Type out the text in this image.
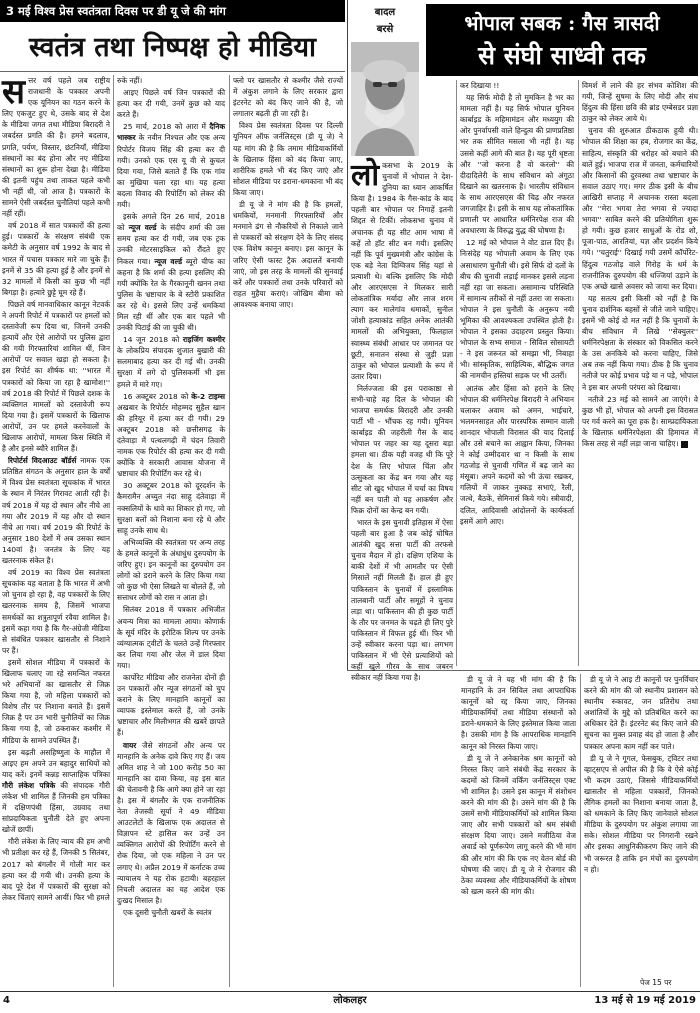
3 मई विश्व प्रेस स्वतंत्रता दिवस पर डी यू जे की मांग
स्वतंत्र तथा निष्पक्ष हो मीडिया

सत्तर वर्ष पहले जब राष्ट्रीय राजधानी के पत्रकार अपनी एक यूनियन का गठन करने के लिए एकजुट हुए थे, उसके बाद से देश के मीडिया जगत तथा मीडिया बिरादरी ने जबर्दस्त प्रगति की है। हमने बदलाव, प्रगति, पर्यण, विस्तार, छंटनियाँ, मीडिया संस्थानों का बंद होना और नए मीडिया संस्थानों का शुरू होना देखा है। मीडिया की इतनी पहुंच तथा ताकत पहले कभी भी नहीं थी, जो आज है। पत्रकारों के सामने ऐसी जबर्दस्त चुनौतियां पहले कभी नहीं रहीं।

वर्ष 2018 में सात पत्रकारों की हत्या हुई। पत्रकारों के संरक्षण संबंधी एक कमेटी के अनुसार वर्ष 1992 के बाद से भारत में पचास पत्रकार मारे जा चुके हैं। इनमें से 35 की हत्या हुई है और इनमें से 32 मामलों में किसी का कुछ भी नहीं बिगड़ा है। हत्यारे छुट्टे घूम रहे हैं।

पिछले वर्ष मानवाधिकार कानून नेटवर्क ने अपनी रिपोर्ट में पत्रकारों पर हमलों को दस्तावेजी रूप दिया था, जिनमें उनकी हत्यायें और ऐसे आरोपों पर पुलिस द्वारा की गयी गिरफ्तारियां शामिल थीं, जिन आरोपों पर सवाल खड़ा हो सकता है। इस रिपोर्ट का शीर्षक था: ''भारत में पत्रकारों को किया जा रहा है खामोश!'' वर्ष 2018 की रिपोर्ट में पिछले दशक के व्यक्तिगत मामलों को दस्तावेजी रूप दिया गया है। इसमें पत्रकारों के खिलाफ आरोपों, उन पर हमले करनेवालों के खिलाफ आरोपों, मामला किस स्थिति में है और इनसे ब्यौरे शामिल हैं।

रिपोर्टर्स विदआउट बॉर्डर्स नामक एक प्रतिष्ठित संगठन के अनुसार हाल के वर्षों में विश्व प्रेस स्वतंत्रता सूचकांक में भारत के स्थान में निरंतर गिरावट आती रही है। वर्ष 2018 में यह दो स्थान और नीचे आ गया और 2019 में यह और दो स्थान नीचे आ गया। वर्ष 2019 की रिपोर्ट के अनुसार 180 देशों में अब उसका स्थान 140वां है। जनतंत्र के लिए यह खतरनाक संकेत है।

वर्ष 2019 का विश्व प्रेस स्वतंत्रता सूचकांक यह बताता है कि भारत में अभी जो चुनाव हो रहा है, वह पत्रकारों के लिए खतरनाक समय है, जिसमें भाजपा समर्थकों का शत्रुतापूर्ण रवैया शामिल है। इसमें कहा गया है कि गैर-अंग्रेजी मीडिया से संबंधित पत्रकार खासतौर से निशाने पर हैं।

इसमें सोशल मीडिया में पत्रकारों के खिलाफ चलाए जा रहे समन्वित नफरत भरे अभियानों का खासतौर से जिक्र किया गया है, जो महिला पत्रकारों को विशेष तौर पर निशाना बनाते हैं। इसमें जिक्र है पर उन भारी चुनौतियों का जिक्र किया गया है, जो ठकराकर कश्मीर में मीडिया के सामने उपस्थित हैं।

इस बढ़ती असहिष्णुता के माहौल में आइए हम अपने उन बहादुर साथियों को याद करें। इनमें कन्नड़ साप्ताहिक पत्रिका गौरी लंकेश पत्रिके की संपादक गौरी लंकेश भी शामिल हैं जिनकी हम पत्रिका में दक्षिणपंथी हिंसा, उग्रवाद तथा सांप्रदायिकता चुनौती देते हुए अपना खोजें छापीं।

गौरी लंकेश के लिए न्याय की हम अभी भी प्रतीक्षा कर रहे हैं, जिनकी 5 सितंबर, 2017 को बंगलौर में गोली मार कर हत्या कर दी गयी थी। उनकी हत्या के बाद पूरे देश में पत्रकारों की सुरक्षा को लेकर चिंताएं सामने आयीं। फिर भी हमले

रुके नहीं।

आइए पिछले वर्ष जिन पत्रकारों की हत्या कर दी गयी, उनमें कुछ को याद करते हैं।

25 मार्च, 2018 को आरा में दैनिक भास्कर के नवीन निश्चल और एक अन्य रिपोर्टर विजय सिंह की हत्या कर दी गयी। उनको एक एस यू वी से कुचल दिया गया, जिसे बताते हैं कि एक गांव का मुखिया चला रहा था। यह हत्या बदला विवाद की रिपोर्टिंग को लेकर की गयी।

इसके अगले दिन 26 मार्च, 2018 को न्यूज वर्ल्ड के संदीप शर्मा की उस समय हत्या कर दी गयी, जब एक ट्रक उनकी मोटरसाइकिल को रौंदते हुए निकल गया। न्यूज वर्ल्ड ब्यूरो चीफ का कहना है कि शर्मा की हत्या इसलिए की गयी क्योंकि रेत के गैरकानूनी खनन तथा पुलिस के भ्रष्टाचार के बे स्टोरी प्रकाशित कर रहे थे। इससे लिए उन्हें धमकियां मिल रही थीं और एक बार पहले भी उनकी पिटाई की जा चुकी थी।

14 जून 2018 को राइजिंग कश्मीर के लोकप्रिय संपादक शुजात बुखारी की सलमाबाद हत्या कर दी गई थी। उनकी सुरक्षा में लगे दो पुलिसकर्मी भी इस हमले में मारे गए।

16 अक्टूबर 2018 को के-2 टाइम्स अखबार के रिपोर्टर मोहम्मद सुहैल खान की हरियूर में हत्या कर दी गयी। 29 अक्टूबर 2018 को छत्तीसगढ़ के दंतेवाड़ा में पत्थलगढ़ी में चंदन तिवारी नामक एक रिपोर्टर की हत्या कर दी गयी क्योंकि वे सरकारी आवास योजना में भ्रष्टाचार की रिपोर्टिंग कर रहे थे।

30 अक्टूबर 2018 को दूरदर्शन के कैमरामैन अच्युत नंदा साहू दंतेवाड़ा में नक्सलियों के धावे का शिकार हो गए, जो सुरक्षा बलों को निशाना बना रहे थे और साहू उनके साथ थे।

अभिव्यक्ति की स्वतंत्रता पर अन्य तरह के हमले कानूनों के अंधाधुंध दुरुपयोग के जरिए हुए। इन कानूनों का दुरुपयोग उन लोगों को डराने करने के लिए किया गया जो कुछ भी ऐसा लिखते या बोलते हैं, जो सत्ताधर लोगों को रास न आता हो।

सितंबर 2018 में पत्रकार अभिजीत अयन्य मित्रा का मामला आया। कोणार्क के सूर्य मंदिर के इरोटिक शिल्प पर उनके व्यंग्यात्मक ट्वीटों के चलते उन्हें गिरफ्तार कर लिया गया और जेल में डाल दिया गया।

कार्पोरेट मीडिया और राजनेता दोनों ही उन पत्रकारों और न्यूज संगठनों को चुप कराने के लिए मानहानि कानूनों का व्यापक इस्तेमाल करते हैं, जो उनके भ्रष्टाचार और मिलीभगत की खबरें छापते हैं।

वायर जैसे संगठनों और अन्य पर मानहानि के अनेक दावे किए गए हैं। जय अमित शाह ने जो 100 करोड़ 50 का मानहानि का दावा किया, वह इस बात की चेतावनी है कि आगे क्या होने जा रहा है। इस में बंगलौर के एक राजनीतिक नेता तेजस्वी सूर्या ने 49 मीडिया आउटलेटों के खिलाफ एक अदालत से विज्ञापन स्टे हासिल कर उन्हें उन व्यक्तिगत आरोपों की रिपोर्टिंग करने से रोक दिया, जो एक महिला ने उन पर लगाए थे। अप्रैल 2019 में कर्नाटक उच्च न्यायालय ने यह रोक हटायी। बहरहाल निचली अदालत का यह आदेश एक दुःखद मिसाल है।

एक दूसरी चुनौती खबरों के स्वतंत्र

फ्लो पर खासतौर से कश्मीर जैसे राज्यों में अंकुश लगाने के लिए सरकार द्वारा इंटरनेट को बंद किए जाने की है, जो लगातार बढ़ती ही जा रही है।

विश्व प्रेस स्वतंत्रता दिवस पर दिल्ली यूनियन ऑफ जर्नलिस्ट्स (डी यू जे) ने यह मांग की है कि तमाम मीडियाकर्मियों के खिलाफ हिंसा को बंद किया जाए, शारीरिक हमले भी बंद किए जाएं और सोशल मीडिया पर डराना-धमकाना भी बंद किया जाए।

डी यू जे ने मांग की है कि हमलों, धमकियों, मनमानी गिरफ्तारियों और मनमाने ढंग से नौकरियों से निकाले जाने से पत्रकारों को संरक्षण देने के लिए संसद एक विशेष कानून बनाए। इस कानून के जरिए ऐसी फास्ट ट्रैक अदालतें बनायी जाएं, जो इस तरह के मामलों की सुनवाई करें और पत्रकारों तथा उनके परिवारों को राहत मुहैया कराएं। जोखिम बीमा को आवश्यक बनाया जाए।

डी यू जे ने यह भी मांग की है कि मानहानि के उन सिविल तथा आपराधिक कानूनों को रद्द किया जाए, जिनका मीडियाकर्मियों तथा मीडिया संस्थानों को डराने-धमकाने के लिए इस्तेमाल किया जाता है। उसकी मांग है कि आपराधिक मानहानि कानून को निरस्त किया जाए।

डी यू जे ने अनेकानेक श्रम कानूनों को निरस्त किए जाने संबंधी केंद्र सरकार के कदमों को जिनमें वर्किंग जर्नलिस्ट्स एक्ट भी शामिल है। उसने इस कानून में संशोधन करने की मांग की है। उसने मांग की है कि उसमें सभी मीडियाकर्मियों को शामिल किया जाए और सभी पत्रकारों को श्रम संबंधी संरक्षण दिया जाए। उसने मजीठिया वेज अवार्ड को पूर्णरूपेण लागू करने की भी मांग की और मांग की कि एक नए वेतन बोर्ड की घोषणा की जाए। डी यू जे ने रोजगार की ठेका व्यवस्था और मीडियाकर्मियों के शोषण को खत्म करने की मांग की।

डी यू जे ने आइ टी कानूनों पर पुनर्विचार करने की मांग की जो स्थानीय प्रशासन को स्थानीय रुकावट, जन प्रतिरोध तथा अशांतियों के मुद्दे को प्रतिबंधित करने का अधिकार देते हैं। इंटरनेट बंद किए जाने की सूचना का मुक्त प्रवाह बंद हो जाता है और पत्रकार अपना काम नहीं कर पाते।

डी यू जे ने गूगल, फेसबुक, ट्विटर तथा व्हाट्सएप से अपील की है कि वे ऐसे कोई भी कदम उठाएं, जिससे मीडियाकर्मियों खासतौर से महिला पत्रकारों, जिनको लैंगिक हमलों का निशाना बनाया जाता है, को धमकाने के लिए किए जानेवाले सोशल मीडिया के दुरुपयोग पर अंकुश लगाया जा सके। सोशल मीडिया पर निगरानी रखने और इसका आधुनिकीकरण किए जाने की भी जरूरत है ताकि इन मंचों का दुरुपयोग न हो।

पेज 15 पर
बादल
बरसे	भोपाल सबक : गैस त्रासदी
से संघी साध्वी तक

लोकसभा के 2019 के चुनावों में भोपाल ने देश-दुनिया का ध्यान आकर्षित किया है। 1984 के गैस-कांड के बाद पहली बार भोपाल पर निगाहें इतनी शिद्दत से टिकीं। लोकसभा चुनाव में अचानक ही यह सीट आम भाषा में कहें तो हॉट सीट बन गयी। इसलिए नहीं कि पूर्व मुख्यमंत्री और कांग्रेस के एक बड़े नेता दिग्विजय सिंह यहां से प्रत्याशी थे। बल्कि इसलिए कि मोदी और आरएसएस ने मिलकर सारी लोकतांत्रिक मर्यादा और लाज शरम त्याग कर मालेगांव धमाकों, सुनील जोशी हत्याकांड सहित अनेक आतंकी मामलों की अभियुक्ता, फिलहाल स्वास्थ्य संबंधी आधार पर जमानत पर छूटी, सनातन संस्था से जुड़ी प्रज्ञा ठाकुर को भोपाल प्रत्याशी के रूप में उतार दिया।

निर्लज्जता की इस पराकाष्ठा से सभी-चाहे वह दिल के भोपाल की भाजपा समर्थक बिरादरी और उनकी पार्टी भी - भौंचक रह गयी। यूनियन कार्बाइड की जहरीली गैस के बाद भोपाल पर जहर का यह दूसरा बड़ा हमला था। ठीक यही वजह थी कि पूरे देश के लिए भोपाल चिंता और उत्सुकता का केंद्र बन गया और यह सीट जो खुद भोपाल में चर्चा का विषय नहीं बन पाती वो यह आकर्षण और फिक्र दोनों का केन्द्र बन गयी।

भारत के इस चुनावी इतिहास में ऐसा पहली बार हुआ है जब कोई घोषित आतंकी खुद सत्ता पार्टी की तरफसे चुनाव मैदान में हो। दक्षिण एशिया के बाकी देशों में भी आमतौर पर ऐसी मिसालें नहीं मिलती हैं। हाल ही हुए पाकिस्तान के चुनावों में इस्लामिक तालबानी पार्टी और समूहों ने चुनाव लड़ा था। पाकिस्तान की ही कुछ पार्टी के तौर पर जनमत के चढ़ते ही लिए पुरे पाकिस्तान में विफल हुई थीं। फिर भी उन्हें स्वीकार करना पड़ा था। लगभग पाकिस्तान में भी ऐसे प्रत्याशियों को कहीं खुले गौरव के साथ जबरन स्वीकार नहीं किया गया है।

कर दिखाया !!

यह सिर्फ मोदी है तो मुमकिन है भर का मामला नहीं है। यह सिर्फ भोपाल यूनियन कार्बाइड के महिमामंडन और मध्ययुग की ओर पुनर्वापसी वाले हिन्दुत्व की प्राणप्रतिष्ठा भर तक सीमित मसला भी नहीं है। यह उससे कहीं आगे की बात है। यह पूरी धृष्टता और ''जो करना है वो करलो'' की दीदादिलेरी के साथ संविधान को अंगूठा दिखाने का खतरनाक है। भारतीय संविधान के साथ आरएसएस की चिढ़ और नफरत जगजाहिर है। इसी के साथ यह लोकतांत्रिक प्रणाली पर आधारित धर्मनिरपेक्ष राज की अवधारणा के विरुद्ध युद्ध की घोषणा है।

12 मई को भोपाल ने वोट डाल दिए हैं। निःसंदेह यह भोपाली अवाम के लिए एक असाधारण चुनौती थी। इसे सिर्फ दो दलों के बीच की चुनावी लड़ाई मानकर इससे लड़ना नहीं रहा जा सकता। असामान्य परिस्थिति में सामान्य तरीकों से नहीं उतरा जा सकता। भोपाल ने इस चुनौती के अनुरूप नयी भूमिका की आवश्यकता उपस्थित होती है। भोपाल ने इसका उदाहरण प्रस्तुत किया। भोपाल के सभ्य समाज - सिविल सोसायटी - ने इस जरूरत को समझा भी, निबाहा भी। सांस्कृतिक, साहित्यिक, बौद्धिक जगत की नामचीन हस्तियां सड़क पर भी उतरीं।

आतंक और हिंसा को हराने के लिए भोपाल की धर्मनिरपेक्ष बिरादरी ने अभियान चलाकर अवाम को अमन, भाईचारे, भलमनसाहत और पारस्परिक सम्मान वाली शानदार भोपाली विरासत की याद दिलाई और उसे बचाने का आह्वान किया, जिनका ने कोई उम्मीदवार था न किसी के साथ गठजोड़ से चुनावी गणित में बढ़ जाने का मंसूबा। अपने कदमों को भी ऊंचा रखकर, गलियों में जाकर नुक्कड़ सभाएं, रैली, जत्थे, बैठकें, सेमिनार्स किये गये। स्त्रीवादी, दलित, आदिवासी आंदोलनों के कार्यकर्ता इसमें आगे आए।

विमर्श में लाने की हर संभव कोशिश की गयी, जिन्हें सुषमा के लिए मोदी और संघ हिंदुत्व की हिंसा छवि की ब्रांड एम्बेसडर प्रज्ञा ठाकुर को लेकर आये थे।

चुनाव की शुरुआत ठीकठाक हुयी थी। भोपाल की शिक्षा का हब, रोजगार का केंद्र, साहित्य, संस्कृति की धरोहर को बचाने की बातें हुई। भाजपा राज में जनता, कर्मचारियों और किसानों की दुरवस्था तथा भ्रष्टाचार के सवाल उठाए गए। मगर ठीक इसी के बीच आखिरी सप्ताह में अचानक रास्ता बदला और ''मेरा भगवा तेरा भगवा से ज्यादा भगवा'' साबित करने की प्रतियोगिता शुरू हो गयी। कुछ हजार साधुओं के रोड शो, पूजा-पाठ, आरतियां, यज्ञ और प्रदर्शन किये गये। ''चतुराई'' दिखाई गयी उसमें कॉर्पोरेट-हिंदुत्व गठजोड़ वाले गिरोह के धर्म के राजनीतिक दुरुपयोग की धज्जियां उड़ाने के एक अच्छे खासे अवसर को जाया कर दिया।

यह सतत्य इसी किसी को नहीं है कि चुनाव दार्शनिक बहसों से जीते जाने चाहिए। इसमें भी कोई दो मत नहीं है कि चुनावों के बीच संविधान में लिखे ''सेक्युलर'' धर्मनिरपेक्षता के संस्कार को विकसित करने के उस अनकिये को करना चाहिए, जिसे अब तक नहीं किया गया। ठीक है कि चुनाव नतीजे पर कोई प्रभाव पड़े या न पड़े, भोपाल ने इस बार अपनी परंपरा को दिखाया।

नतीजे 23 मई को सामने आ जाएंगे। वे कुछ भी हों, भोपाल को अपनी इस विरासत पर गर्व करने का पूरा हक है। साम्प्रदायिकता के खिलाफ़ धर्मनिरपेक्षता की हिमायत में किस तरह से नहीं लड़ा जाना चाहिए।

4	लोकलहर	13 मई से 19 मई 2019
